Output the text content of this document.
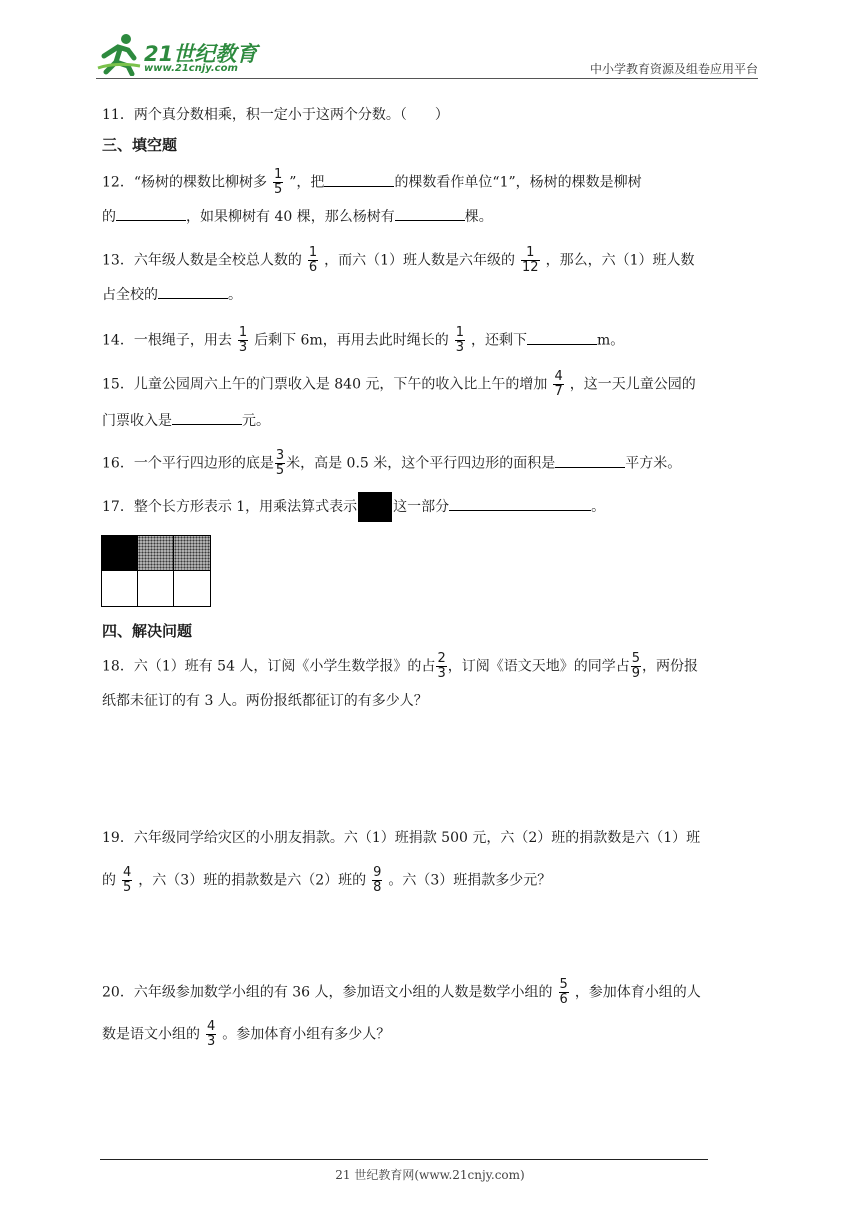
21世纪教育
www.21cnjy.com	中小学教育资源及组卷应用平台
11．两个真分数相乘，积一定小于这两个分数。（　　）
三、填空题
12．“杨树的棵数比柳树多 $\frac{1}{5}$ ”，把	的棵数看作单位“1”，杨树的棵数是柳树
的	，如果柳树有 40 棵，那么杨树有	棵。
13．六年级人数是全校总人数的 $\frac{1}{6}$ ，而六（1）班人数是六年级的 $\frac{1}{12}$ ，那么，六（1）班人数
占全校的	。
14．一根绳子，用去 $\frac{1}{3}$ 后剩下 6m，再用去此时绳长的 $\frac{1}{3}$ ，还剩下	m。
15．儿童公园周六上午的门票收入是 840 元，下午的收入比上午的增加 $\frac{4}{7}$ ，这一天儿童公园的
门票收入是	元。
16．一个平行四边形的底是 $\frac{3}{5}$ 米，高是 0.5 米，这个平行四边形的面积是	平方米。
17．整个长方形表示 1，用乘法算式表示	这一部分	。
四、解决问题
18．六（1）班有 54 人，订阅《小学生数学报》的占 $\frac{2}{3}$ ，订阅《语文天地》的同学占 $\frac{5}{9}$ ，两份报
纸都未征订的有 3 人。两份报纸都征订的有多少人？
19．六年级同学给灾区的小朋友捐款。六（1）班捐款 500 元，六（2）班的捐款数是六（1）班
的 $\frac{4}{5}$ ，六（3）班的捐款数是六（2）班的 $\frac{9}{8}$ 。六（3）班捐款多少元？
20．六年级参加数学小组的有 36 人，参加语文小组的人数是数学小组的 $\frac{5}{6}$ ，参加体育小组的人
数是语文小组的 $\frac{4}{3}$ 。参加体育小组有多少人？
21 世纪教育网(www.21cnjy.com)
